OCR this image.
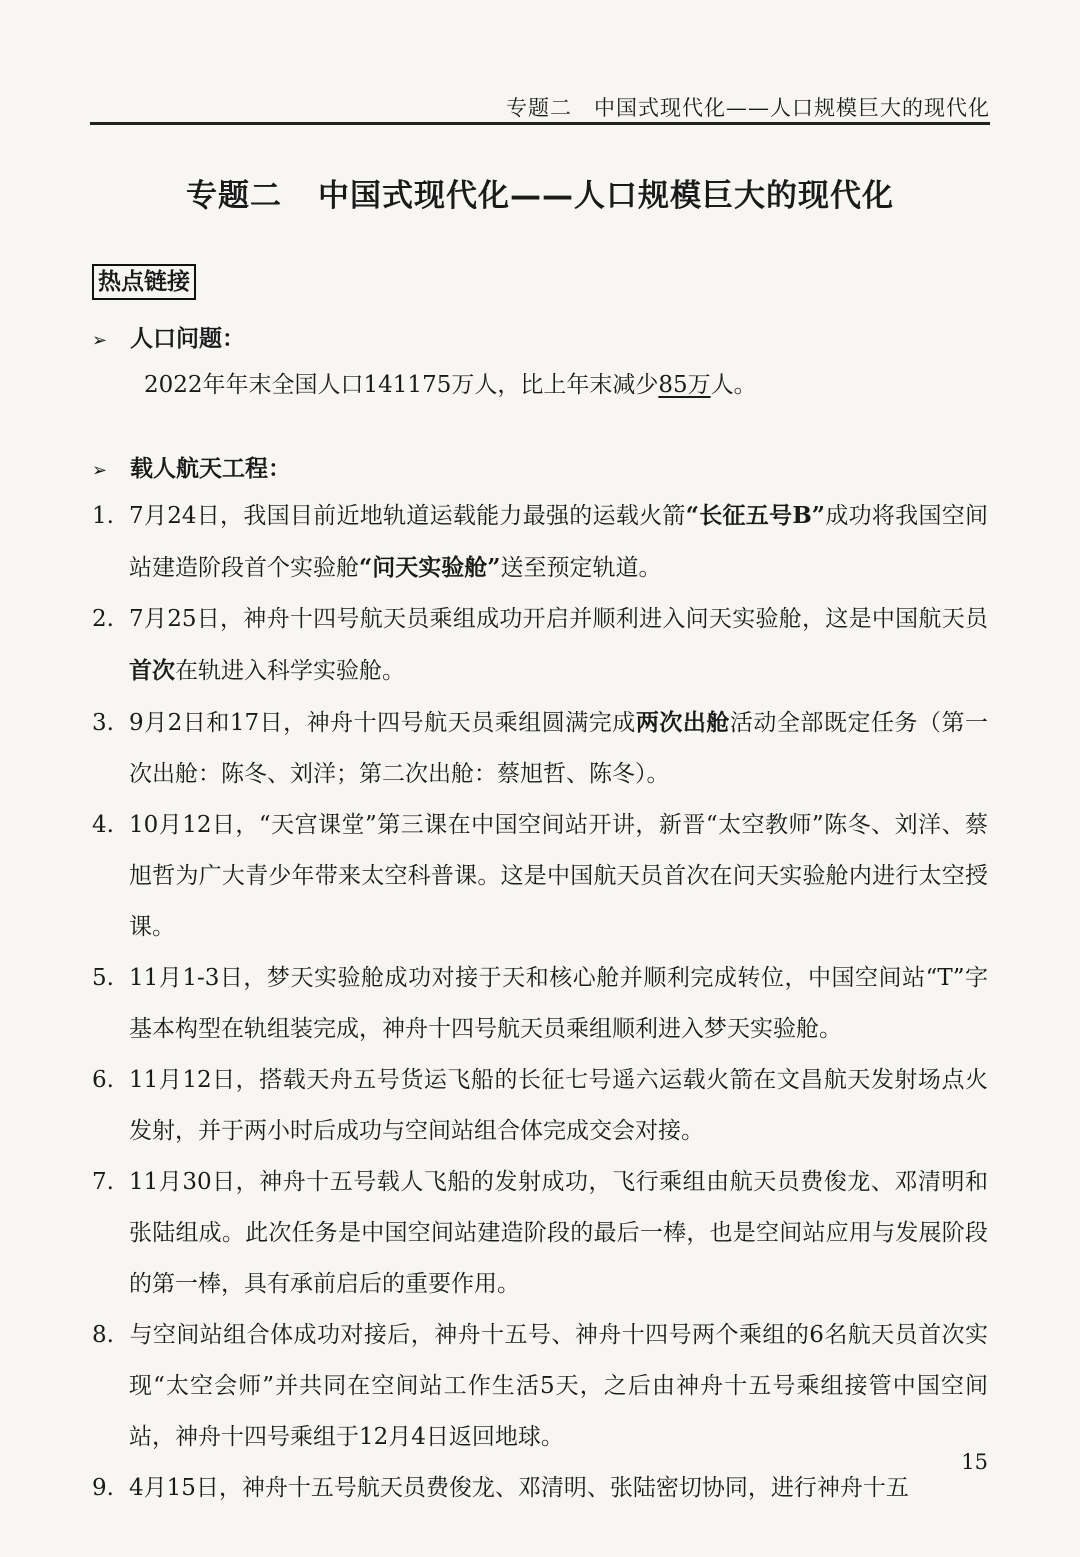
专题二　中国式现代化——人口规模巨大的现代化
专题二 中国式现代化——人口规模巨大的现代化
热点链接
➢ 人口问题：
2022年年末全国人口141175万人，比上年末减少85万人。
➢ 载人航天工程：
1. 7月24日，我国目前近地轨道运载能力最强的运载火箭“长征五号B”成功将我国空间站建造阶段首个实验舱“问天实验舱”送至预定轨道。
2. 7月25日，神舟十四号航天员乘组成功开启并顺利进入问天实验舱，这是中国航天员首次在轨进入科学实验舱。
3. 9月2日和17日，神舟十四号航天员乘组圆满完成两次出舱活动全部既定任务（第一次出舱：陈冬、刘洋；第二次出舱：蔡旭哲、陈冬）。
4. 10月12日，“天宫课堂”第三课在中国空间站开讲，新晋“太空教师”陈冬、刘洋、蔡旭哲为广大青少年带来太空科普课。这是中国航天员首次在问天实验舱内进行太空授课。
5. 11月1-3日，梦天实验舱成功对接于天和核心舱并顺利完成转位，中国空间站“T”字基本构型在轨组装完成，神舟十四号航天员乘组顺利进入梦天实验舱。
6. 11月12日，搭载天舟五号货运飞船的长征七号遥六运载火箭在文昌航天发射场点火发射，并于两小时后成功与空间站组合体完成交会对接。
7. 11月30日，神舟十五号载人飞船的发射成功，飞行乘组由航天员费俊龙、邓清明和张陆组成。此次任务是中国空间站建造阶段的最后一棒，也是空间站应用与发展阶段的第一棒，具有承前启后的重要作用。
8. 与空间站组合体成功对接后，神舟十五号、神舟十四号两个乘组的6名航天员首次实现“太空会师”并共同在空间站工作生活5天，之后由神舟十五号乘组接管中国空间站，神舟十四号乘组于12月4日返回地球。
9. 4月15日，神舟十五号航天员费俊龙、邓清明、张陆密切协同，进行神舟十五
15
